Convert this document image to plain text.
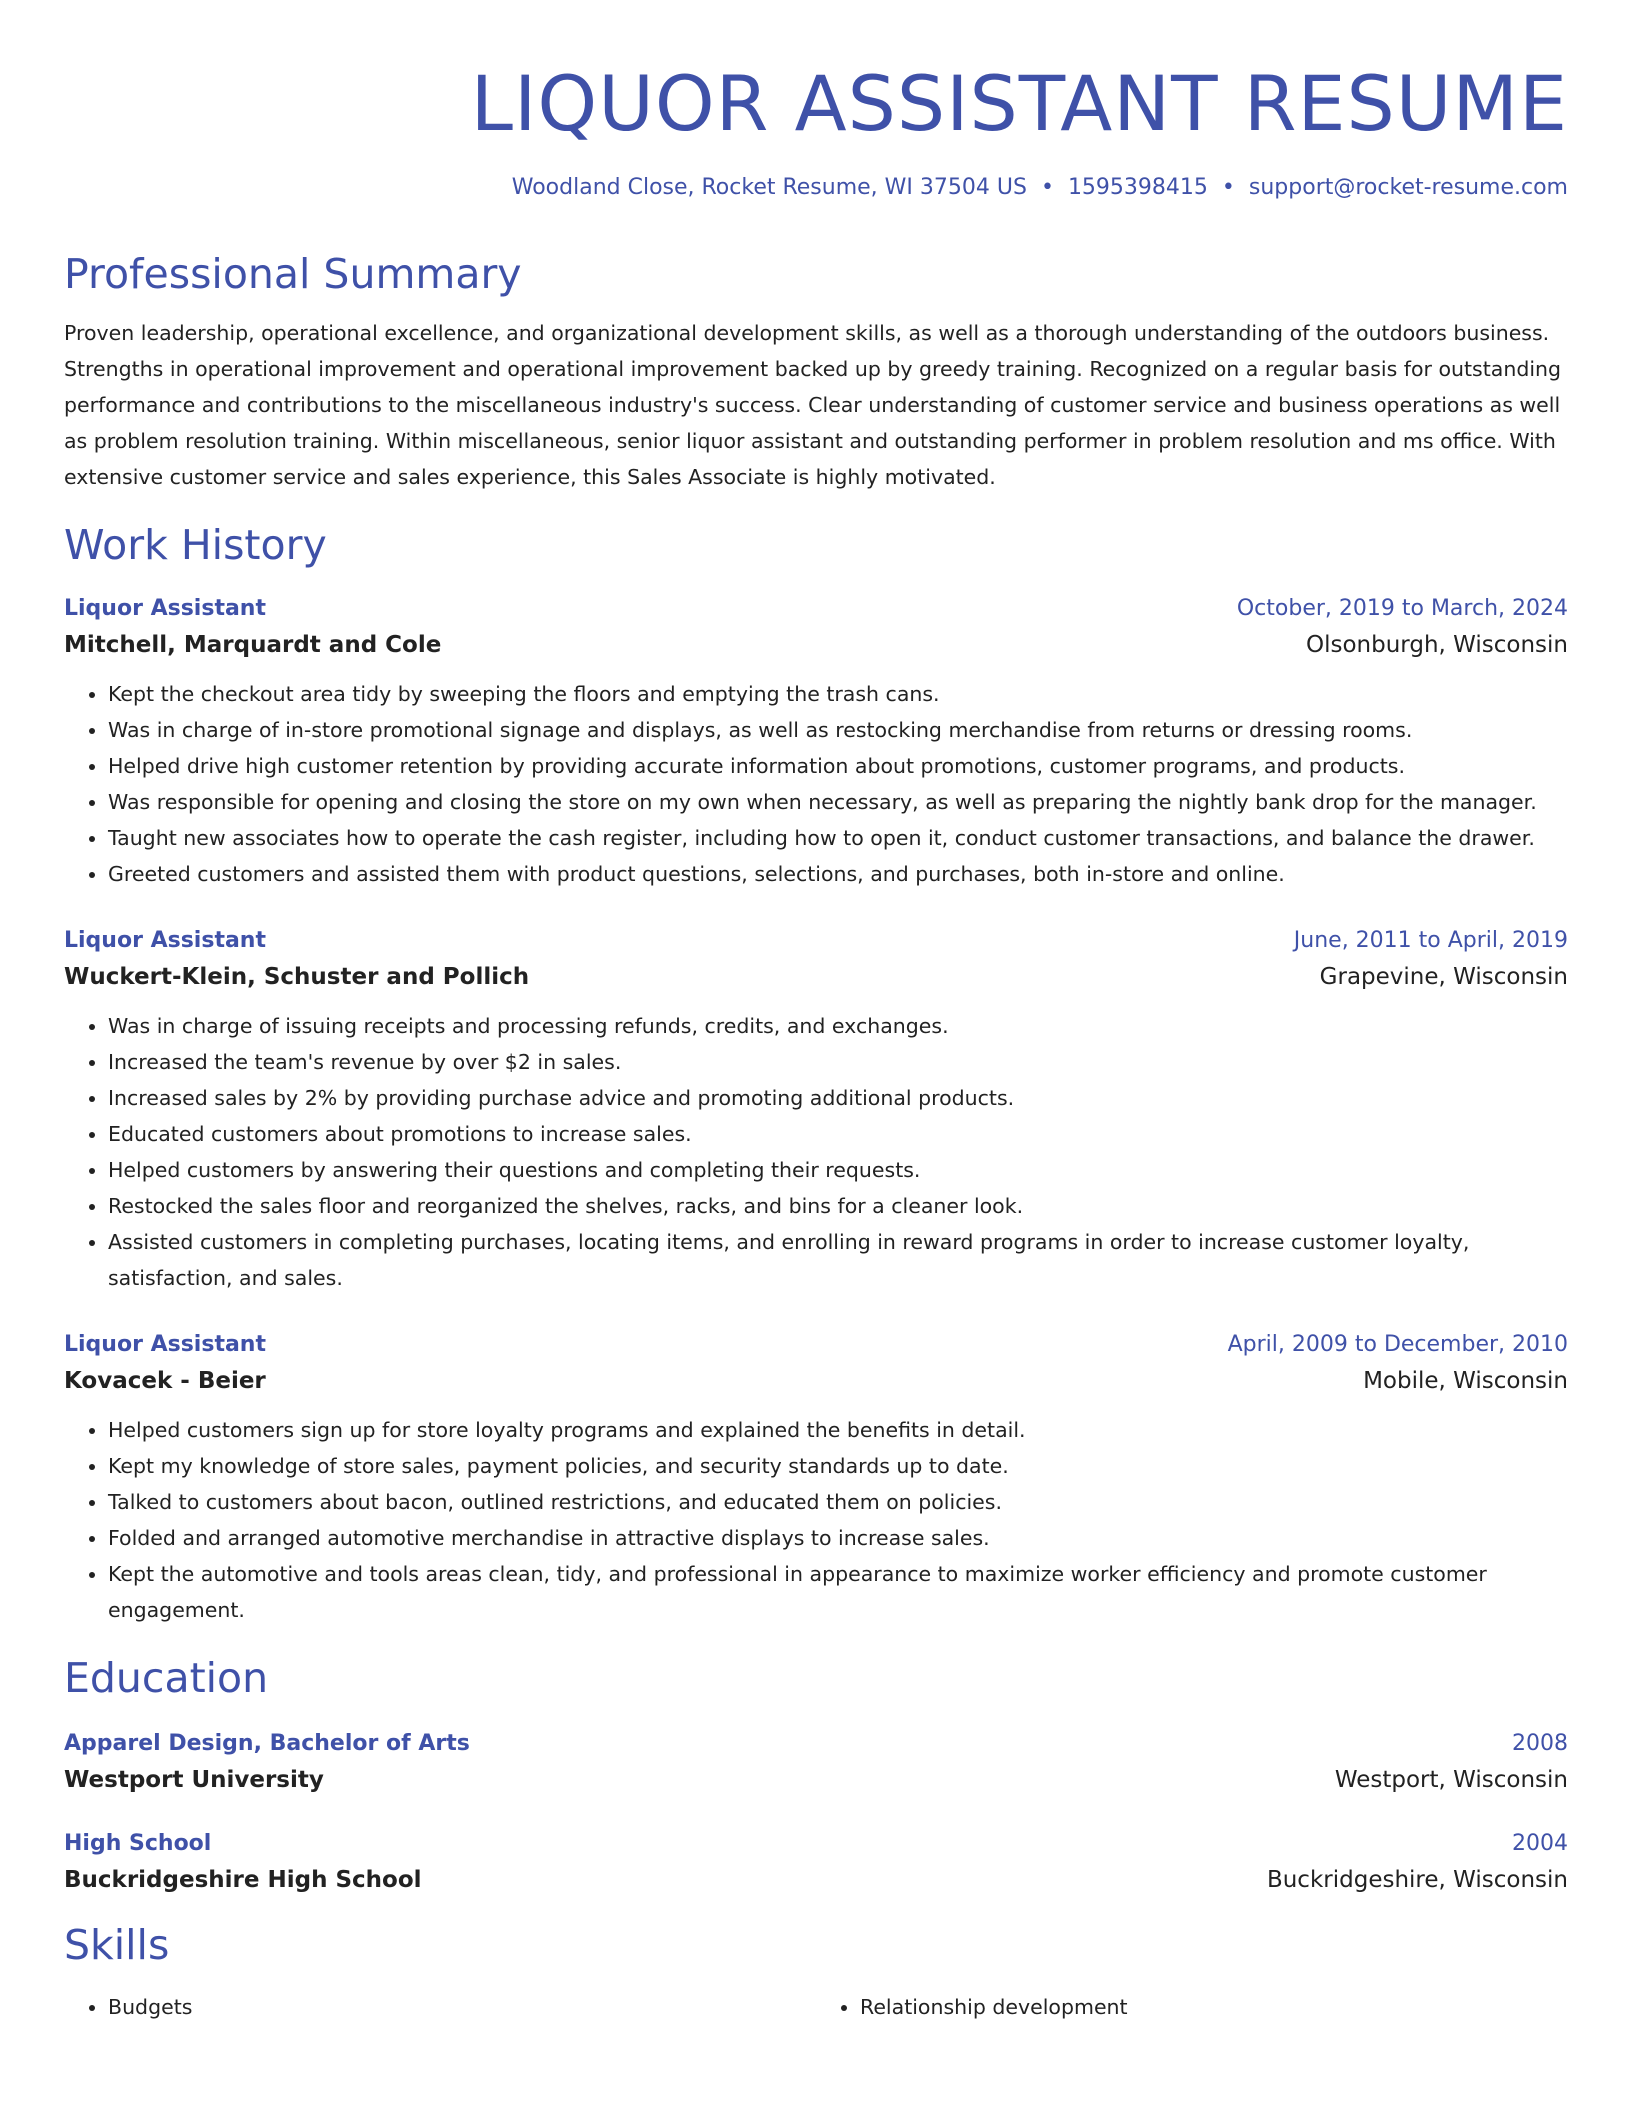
LIQUOR ASSISTANT RESUME
Woodland Close, Rocket Resume, WI 37504 US • 1595398415 • support@rocket-resume.com
Professional Summary

Proven leadership, operational excellence, and organizational development skills, as well as a thorough understanding of the outdoors business. Strengths in operational improvement and operational improvement backed up by greedy training. Recognized on a regular basis for outstanding performance and contributions to the miscellaneous industry's success. Clear understanding of customer service and business operations as well as problem resolution training. Within miscellaneous, senior liquor assistant and outstanding performer in problem resolution and ms office. With extensive customer service and sales experience, this Sales Associate is highly motivated.

Work History
Liquor Assistant	October, 2019 to March, 2024
Mitchell, Marquardt and Cole	Olsonburgh, Wisconsin
• Kept the checkout area tidy by sweeping the floors and emptying the trash cans.
• Was in charge of in-store promotional signage and displays, as well as restocking merchandise from returns or dressing rooms.
• Helped drive high customer retention by providing accurate information about promotions, customer programs, and products.
• Was responsible for opening and closing the store on my own when necessary, as well as preparing the nightly bank drop for the manager.
• Taught new associates how to operate the cash register, including how to open it, conduct customer transactions, and balance the drawer.
• Greeted customers and assisted them with product questions, selections, and purchases, both in-store and online.
Liquor Assistant	June, 2011 to April, 2019
Wuckert-Klein, Schuster and Pollich	Grapevine, Wisconsin
• Was in charge of issuing receipts and processing refunds, credits, and exchanges.
• Increased the team's revenue by over $2 in sales.
• Increased sales by 2% by providing purchase advice and promoting additional products.
• Educated customers about promotions to increase sales.
• Helped customers by answering their questions and completing their requests.
• Restocked the sales floor and reorganized the shelves, racks, and bins for a cleaner look.
• Assisted customers in completing purchases, locating items, and enrolling in reward programs in order to increase customer loyalty, satisfaction, and sales.
Liquor Assistant	April, 2009 to December, 2010
Kovacek - Beier	Mobile, Wisconsin
• Helped customers sign up for store loyalty programs and explained the benefits in detail.
• Kept my knowledge of store sales, payment policies, and security standards up to date.
• Talked to customers about bacon, outlined restrictions, and educated them on policies.
• Folded and arranged automotive merchandise in attractive displays to increase sales.
• Kept the automotive and tools areas clean, tidy, and professional in appearance to maximize worker efficiency and promote customer engagement.
Education
Apparel Design, Bachelor of Arts	2008
Westport University	Westport, Wisconsin
High School	2004
Buckridgeshire High School	Buckridgeshire, Wisconsin
Skills
• Budgets
•	Relationship development
